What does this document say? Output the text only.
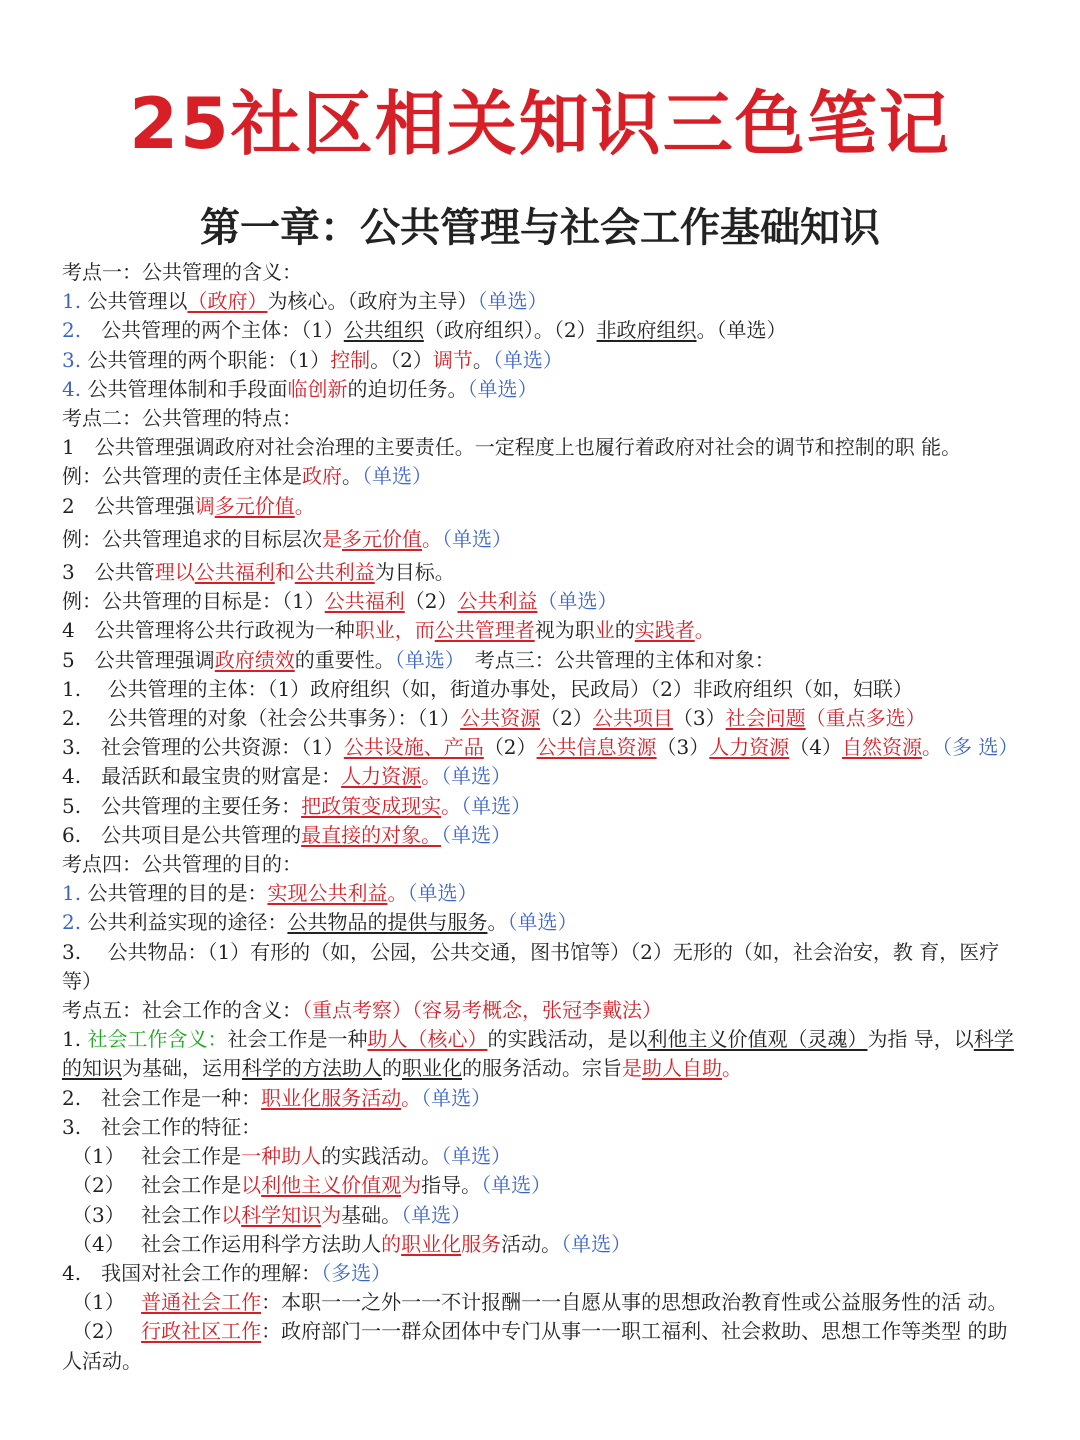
25社区相关知识三色笔记
第一章：公共管理与社会工作基础知识
考点一：公共管理的含义：
1. 公共管理以（政府）为核心。（政府为主导）（单选）
2.　公共管理的两个主体：（1）公共组织（政府组织）。（2）非政府组织。（单选）
3. 公共管理的两个职能：（1）控制。（2）调节。（单选）
4. 公共管理体制和手段面临创新的迫切任务。（单选）
考点二：公共管理的特点：
1　公共管理强调政府对社会治理的主要责任。一定程度上也履行着政府对社会的调节和控制的职 能。
例：公共管理的责任主体是政府。（单选）
2　公共管理强调多元价值。
例：公共管理追求的目标层次是多元价值。（单选）
3　公共管理以公共福利和公共利益为目标。
例：公共管理的目标是：（1）公共福利（2）公共利益（单选）
4　公共管理将公共行政视为一种职业，而公共管理者视为职业的实践者。
5　公共管理强调政府绩效的重要性。（单选）　考点三：公共管理的主体和对象：
1.　 公共管理的主体：（1）政府组织（如，街道办事处，民政局）（2）非政府组织（如，妇联）
2.　 公共管理的对象（社会公共事务）：（1）公共资源（2）公共项目（3）社会问题（重点多选）
3.　社会管理的公共资源：（1）公共设施、产品（2）公共信息资源（3）人力资源（4）自然资源。（多 选）
4.　最活跃和最宝贵的财富是：人力资源。（单选）
5.　公共管理的主要任务：把政策变成现实。（单选）
6.　公共项目是公共管理的最直接的对象。（单选）
考点四：公共管理的目的：
1. 公共管理的目的是：实现公共利益。（单选）
2. 公共利益实现的途径：公共物品的提供与服务。（单选）
3.　 公共物品：（1）有形的（如，公园，公共交通，图书馆等）（2）无形的（如，社会治安，教 育，医疗等）
考点五：社会工作的含义：（重点考察）（容易考概念，张冠李戴法）
1. 社会工作含义：社会工作是一种助人（核心）的实践活动，是以利他主义价值观（灵魂）为指 导，以科学的知识为基础，运用科学的方法助人的职业化的服务活动。宗旨是助人自助。
2.　社会工作是一种：职业化服务活动。（单选）
3.　社会工作的特征：
　（1）　 社会工作是一种助人的实践活动。（单选）
　（2）　 社会工作是以利他主义价值观为指导。（单选）
　（3）　 社会工作以科学知识为基础。（单选）
　（4）　 社会工作运用科学方法助人的职业化服务活动。（单选）
4.　我国对社会工作的理解：（多选）
　（1）　 普通社会工作：本职一一之外一一不计报酬一一自愿从事的思想政治教育性或公益服务性的活 动。
　（2）　 行政社区工作：政府部门一一群众团体中专门从事一一职工福利、社会救助、思想工作等类型 的助人活动。
